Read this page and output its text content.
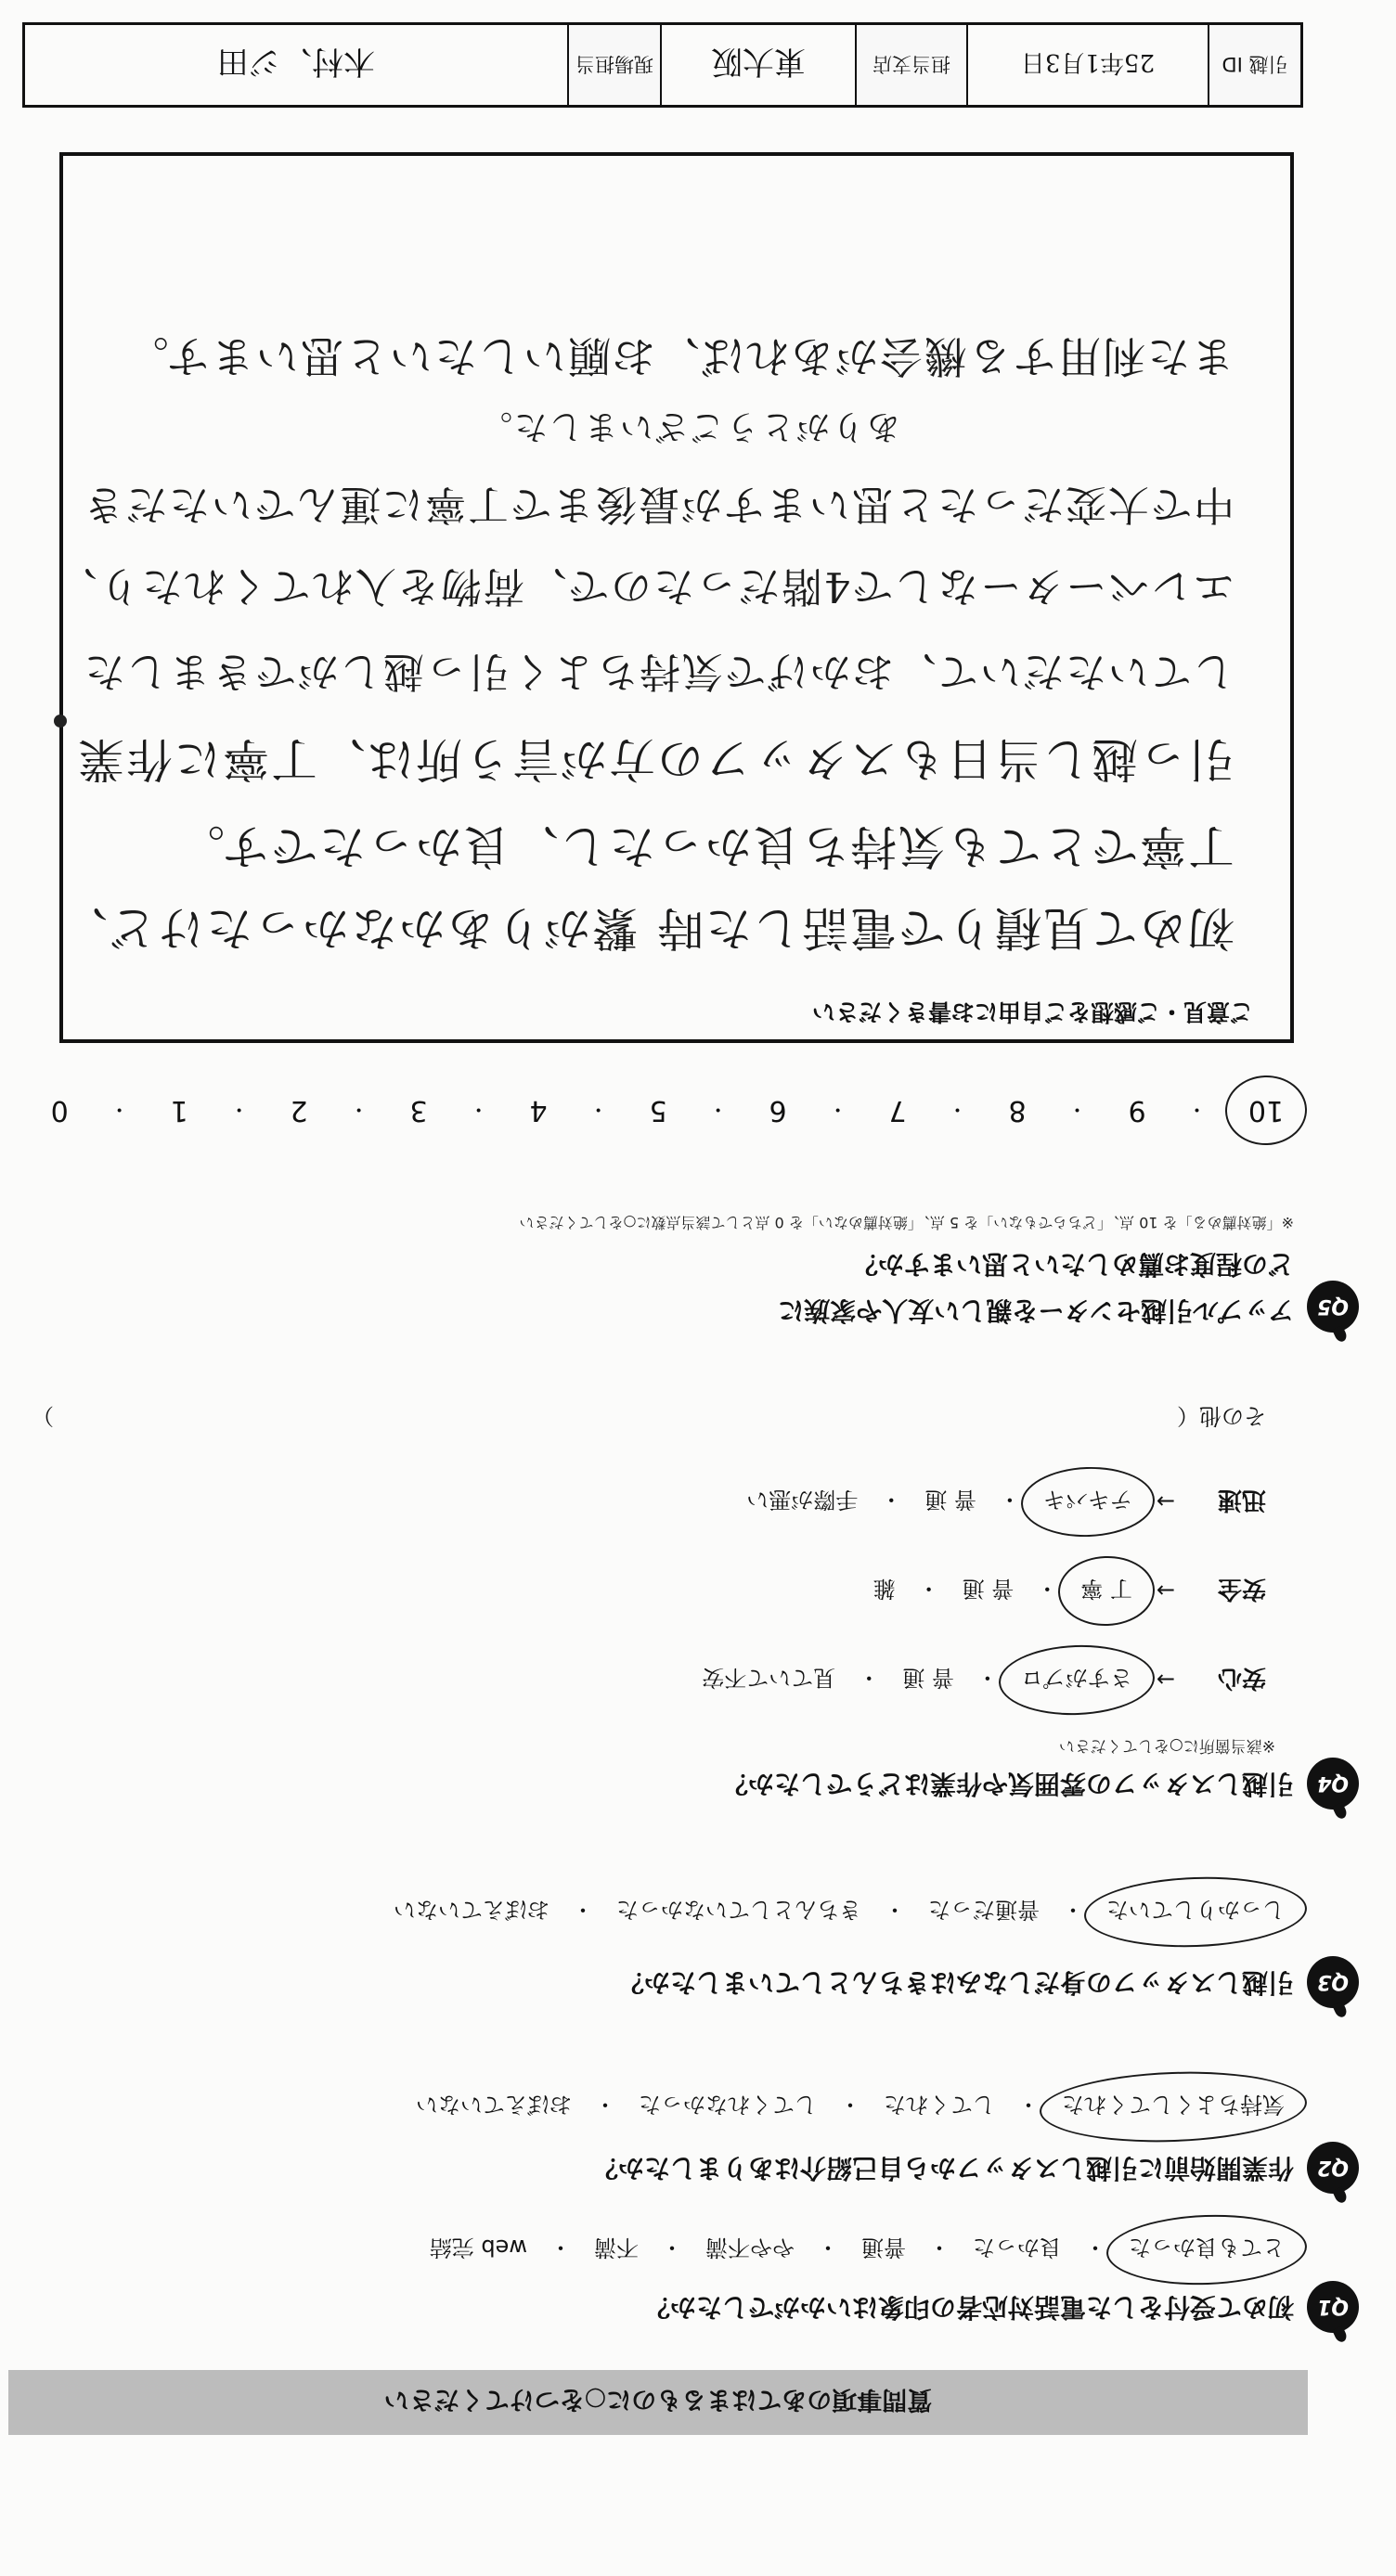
質問事項のあてはまるものに○をつけてください
Q1
初めて受付をした電話対応者の印象はいかがでしたか？
とても良かった
・
良かった
・
普通
・
やや不満
・
不満
・
web 完結
Q2
作業開始前に引越しスタッフから自己紹介はありましたか？
気持ちよくしてくれた
・
してくれた
・
してくれなかった
・
おぼえていない
Q3
引越しスタッフの身だしなみはきちんとしていましたか？
しっかりしていた
・
普通だった
・
きちんとしていなかった
・
おぼえていない
Q4
引越しスタッフの雰囲気や作業はどうでしたか？
※該当箇所に○をしてください
安心
→
さすがプロ
・
普 通
・
見ていて不安
安全
→
丁 寧
・
普 通
・
雑
迅速
→
テキパキ
・
普 通
・
手際が悪い
その他（
）
Q5
アップル引越センターを親しい友人や家族に
どの程度お薦めしたいと思いますか？
※「絶対薦める」を 10 点、「どちらでもない」を 5 点、「絶対薦めない」を 0 点として該当点数に○をしてください
10
・
9
・
8
・
7
・
6
・
5
・
4
・
3
・
2
・
1
・
0
ご意見・ご感想をご自由にお書きください
初めて見積りで電話した時 繋がりあかなかったけど、
丁寧でとても気持ち良かったし、良かったです。
引っ越し当日もスタッフの方が言う所は、丁寧に作業
していただいて、おかげで気持ちよく引っ越しができました
エレベーターなしで4階だったので、荷物を入れてくれたり、
中で大変だったと思いますが最後まで丁寧に運んでいただき
ありがとうございました。
また利用する機会があれば、お願いしたいと思います。
引越 ID
25年1月3日
担当支店
東大阪
現場担当
木村、ジ田
